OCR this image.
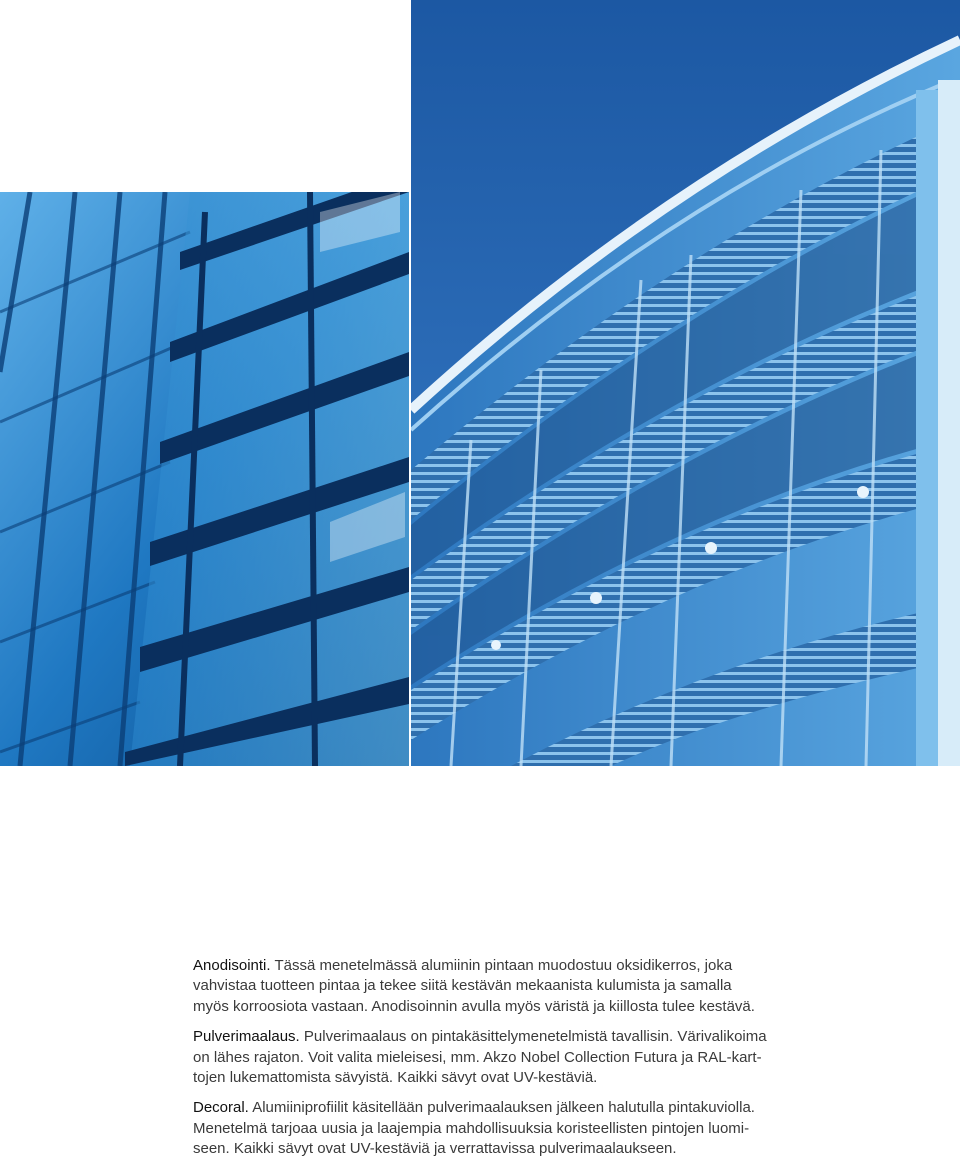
Anodisointi. Tässä menetelmässä alumiinin pintaan muodostuu oksidikerros, joka
vahvistaa tuotteen pintaa ja tekee siitä kestävän mekaanista kulumista ja samalla
myös korroosiota vastaan. Anodisoinnin avulla myös väristä ja kiillosta tulee kestävä.

Pulverimaalaus. Pulverimaalaus on pintakäsittelymenetelmistä tavallisin. Värivalikoima
on lähes rajaton. Voit valita mieleisesi, mm. Akzo Nobel Collection Futura ja RAL-kart-
tojen lukemattomista sävyistä. Kaikki sävyt ovat UV-kestäviä.

Decoral. Alumiiniprofiilit käsitellään pulverimaalauksen jälkeen halutulla pintakuviolla.
Menetelmä tarjoaa uusia ja laajempia mahdollisuuksia koristeellisten pintojen luomi-
seen. Kaikki sävyt ovat UV-kestäviä ja verrattavissa pulverimaalaukseen.
